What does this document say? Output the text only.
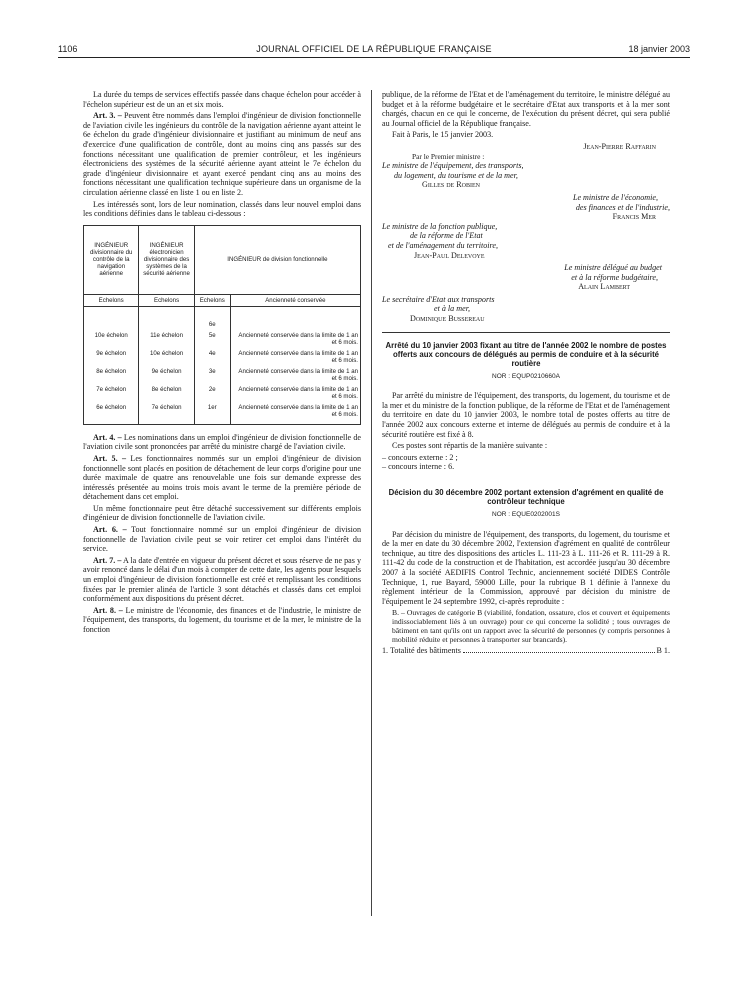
1106	JOURNAL OFFICIEL DE LA RÉPUBLIQUE FRANÇAISE	18 janvier 2003

La durée du temps de services effectifs passée dans chaque échelon pour accéder à l'échelon supérieur est de un an et six mois.

Art. 3. – Peuvent être nommés dans l'emploi d'ingénieur de division fonctionnelle de l'aviation civile les ingénieurs du contrôle de la navigation aérienne ayant atteint le 6e échelon du grade d'ingénieur divisionnaire et justifiant au minimum de neuf ans d'exercice d'une qualification de contrôle, dont au moins cinq ans passés sur des fonctions nécessitant une qualification de premier contrôleur, et les ingénieurs électroniciens des systèmes de la sécurité aérienne ayant atteint le 7e échelon du grade d'ingénieur divisionnaire et ayant exercé pendant cinq ans au moins des fonctions nécessitant une qualification technique supérieure dans un organisme de la circulation aérienne classé en liste 1 ou en liste 2.

Les intéressés sont, lors de leur nomination, classés dans leur nouvel emploi dans les conditions définies dans le tableau ci-dessous :

INGÉNIEUR divisionnaire du contrôle de la navigation aérienne	INGÉNIEUR électronicien divisionnaire des systèmes de la sécurité aérienne	INGÉNIEUR de division fonctionnelle	
Echelons	Echelons	Echelons	Ancienneté conservée
		6e	
10e échelon	11e échelon	5e	Ancienneté conservée dans la limite de 1 an et 6 mois.
9e échelon	10e échelon	4e	Ancienneté conservée dans la limite de 1 an et 6 mois.
8e échelon	9e échelon	3e	Ancienneté conservée dans la limite de 1 an et 6 mois.
7e échelon	8e échelon	2e	Ancienneté conservée dans la limite de 1 an et 6 mois.
6e échelon	7e échelon	1er	Ancienneté conservée dans la limite de 1 an et 6 mois.

Art. 4. – Les nominations dans un emploi d'ingénieur de division fonctionnelle de l'aviation civile sont prononcées par arrêté du ministre chargé de l'aviation civile.

Art. 5. – Les fonctionnaires nommés sur un emploi d'ingénieur de division fonctionnelle sont placés en position de détachement de leur corps d'origine pour une durée maximale de quatre ans renouvelable une fois sur demande expresse des intéressés présentée au moins trois mois avant le terme de la première période de détachement dans cet emploi.

Un même fonctionnaire peut être détaché successivement sur différents emplois d'ingénieur de division fonctionnelle de l'aviation civile.

Art. 6. – Tout fonctionnaire nommé sur un emploi d'ingénieur de division fonctionnelle de l'aviation civile peut se voir retirer cet emploi dans l'intérêt du service.

Art. 7. – A la date d'entrée en vigueur du présent décret et sous réserve de ne pas y avoir renoncé dans le délai d'un mois à compter de cette date, les agents pour lesquels un emploi d'ingénieur de division fonctionnelle est créé et remplissant les conditions fixées par le premier alinéa de l'article 3 sont détachés et classés dans cet emploi conformément aux dispositions du présent décret.

Art. 8. – Le ministre de l'économie, des finances et de l'industrie, le ministre de l'équipement, des transports, du logement, du tourisme et de la mer, le ministre de la fonction

publique, de la réforme de l'Etat et de l'aménagement du territoire, le ministre délégué au budget et à la réforme budgétaire et le secrétaire d'Etat aux transports et à la mer sont chargés, chacun en ce qui le concerne, de l'exécution du présent décret, qui sera publié au Journal officiel de la République française.

Fait à Paris, le 15 janvier 2003.

Jean-Pierre Raffarin
Par le Premier ministre :
Le ministre de l'équipement, des transports,
du logement, du tourisme et de la mer,
Gilles de Robien
Le ministre de l'économie,
des finances et de l'industrie,
Francis Mer
Le ministre de la fonction publique,
de la réforme de l'Etat
et de l'aménagement du territoire,
Jean-Paul Delevoye
Le ministre délégué au budget
et à la réforme budgétaire,
Alain Lambert
Le secrétaire d'Etat aux transports
et à la mer,
Dominique Bussereau
Arrêté du 10 janvier 2003 fixant au titre de l'année 2002 le nombre de postes offerts aux concours de délégués au permis de conduire et à la sécurité routière
NOR : EQUP0210660A

Par arrêté du ministre de l'équipement, des transports, du logement, du tourisme et de la mer et du ministre de la fonction publique, de la réforme de l'Etat et de l'aménagement du territoire en date du 10 janvier 2003, le nombre total de postes offerts au titre de l'année 2002 aux concours externe et interne de délégués au permis de conduire et à la sécurité routière est fixé à 8.

Ces postes sont répartis de la manière suivante :

– concours externe : 2 ;
– concours interne : 6.
Décision du 30 décembre 2002 portant extension d'agrément en qualité de contrôleur technique
NOR : EQUE0202001S

Par décision du ministre de l'équipement, des transports, du logement, du tourisme et de la mer en date du 30 décembre 2002, l'extension d'agrément en qualité de contrôleur technique, au titre des dispositions des articles L. 111-23 à L. 111-26 et R. 111-29 à R. 111-42 du code de la construction et de l'habitation, est accordée jusqu'au 30 décembre 2007 à la société AEDIFIS Control Technic, anciennement société DIDES Contrôle Technique, 1, rue Bayard, 59000 Lille, pour la rubrique B 1 définie à l'annexe du règlement intérieur de la Commission, approuvé par décision du ministre de l'équipement le 24 septembre 1992, ci-après reproduite :

B. – Ouvrages de catégorie B (viabilité, fondation, ossature, clos et couvert et équipements indissociablement liés à un ouvrage) pour ce qui concerne la solidité ; tous ouvrages de bâtiment en tant qu'ils ont un rapport avec la sécurité de personnes (y compris personnes à mobilité réduite et personnes à transporter sur brancards).

1. Totalité des bâtiments	B 1.
